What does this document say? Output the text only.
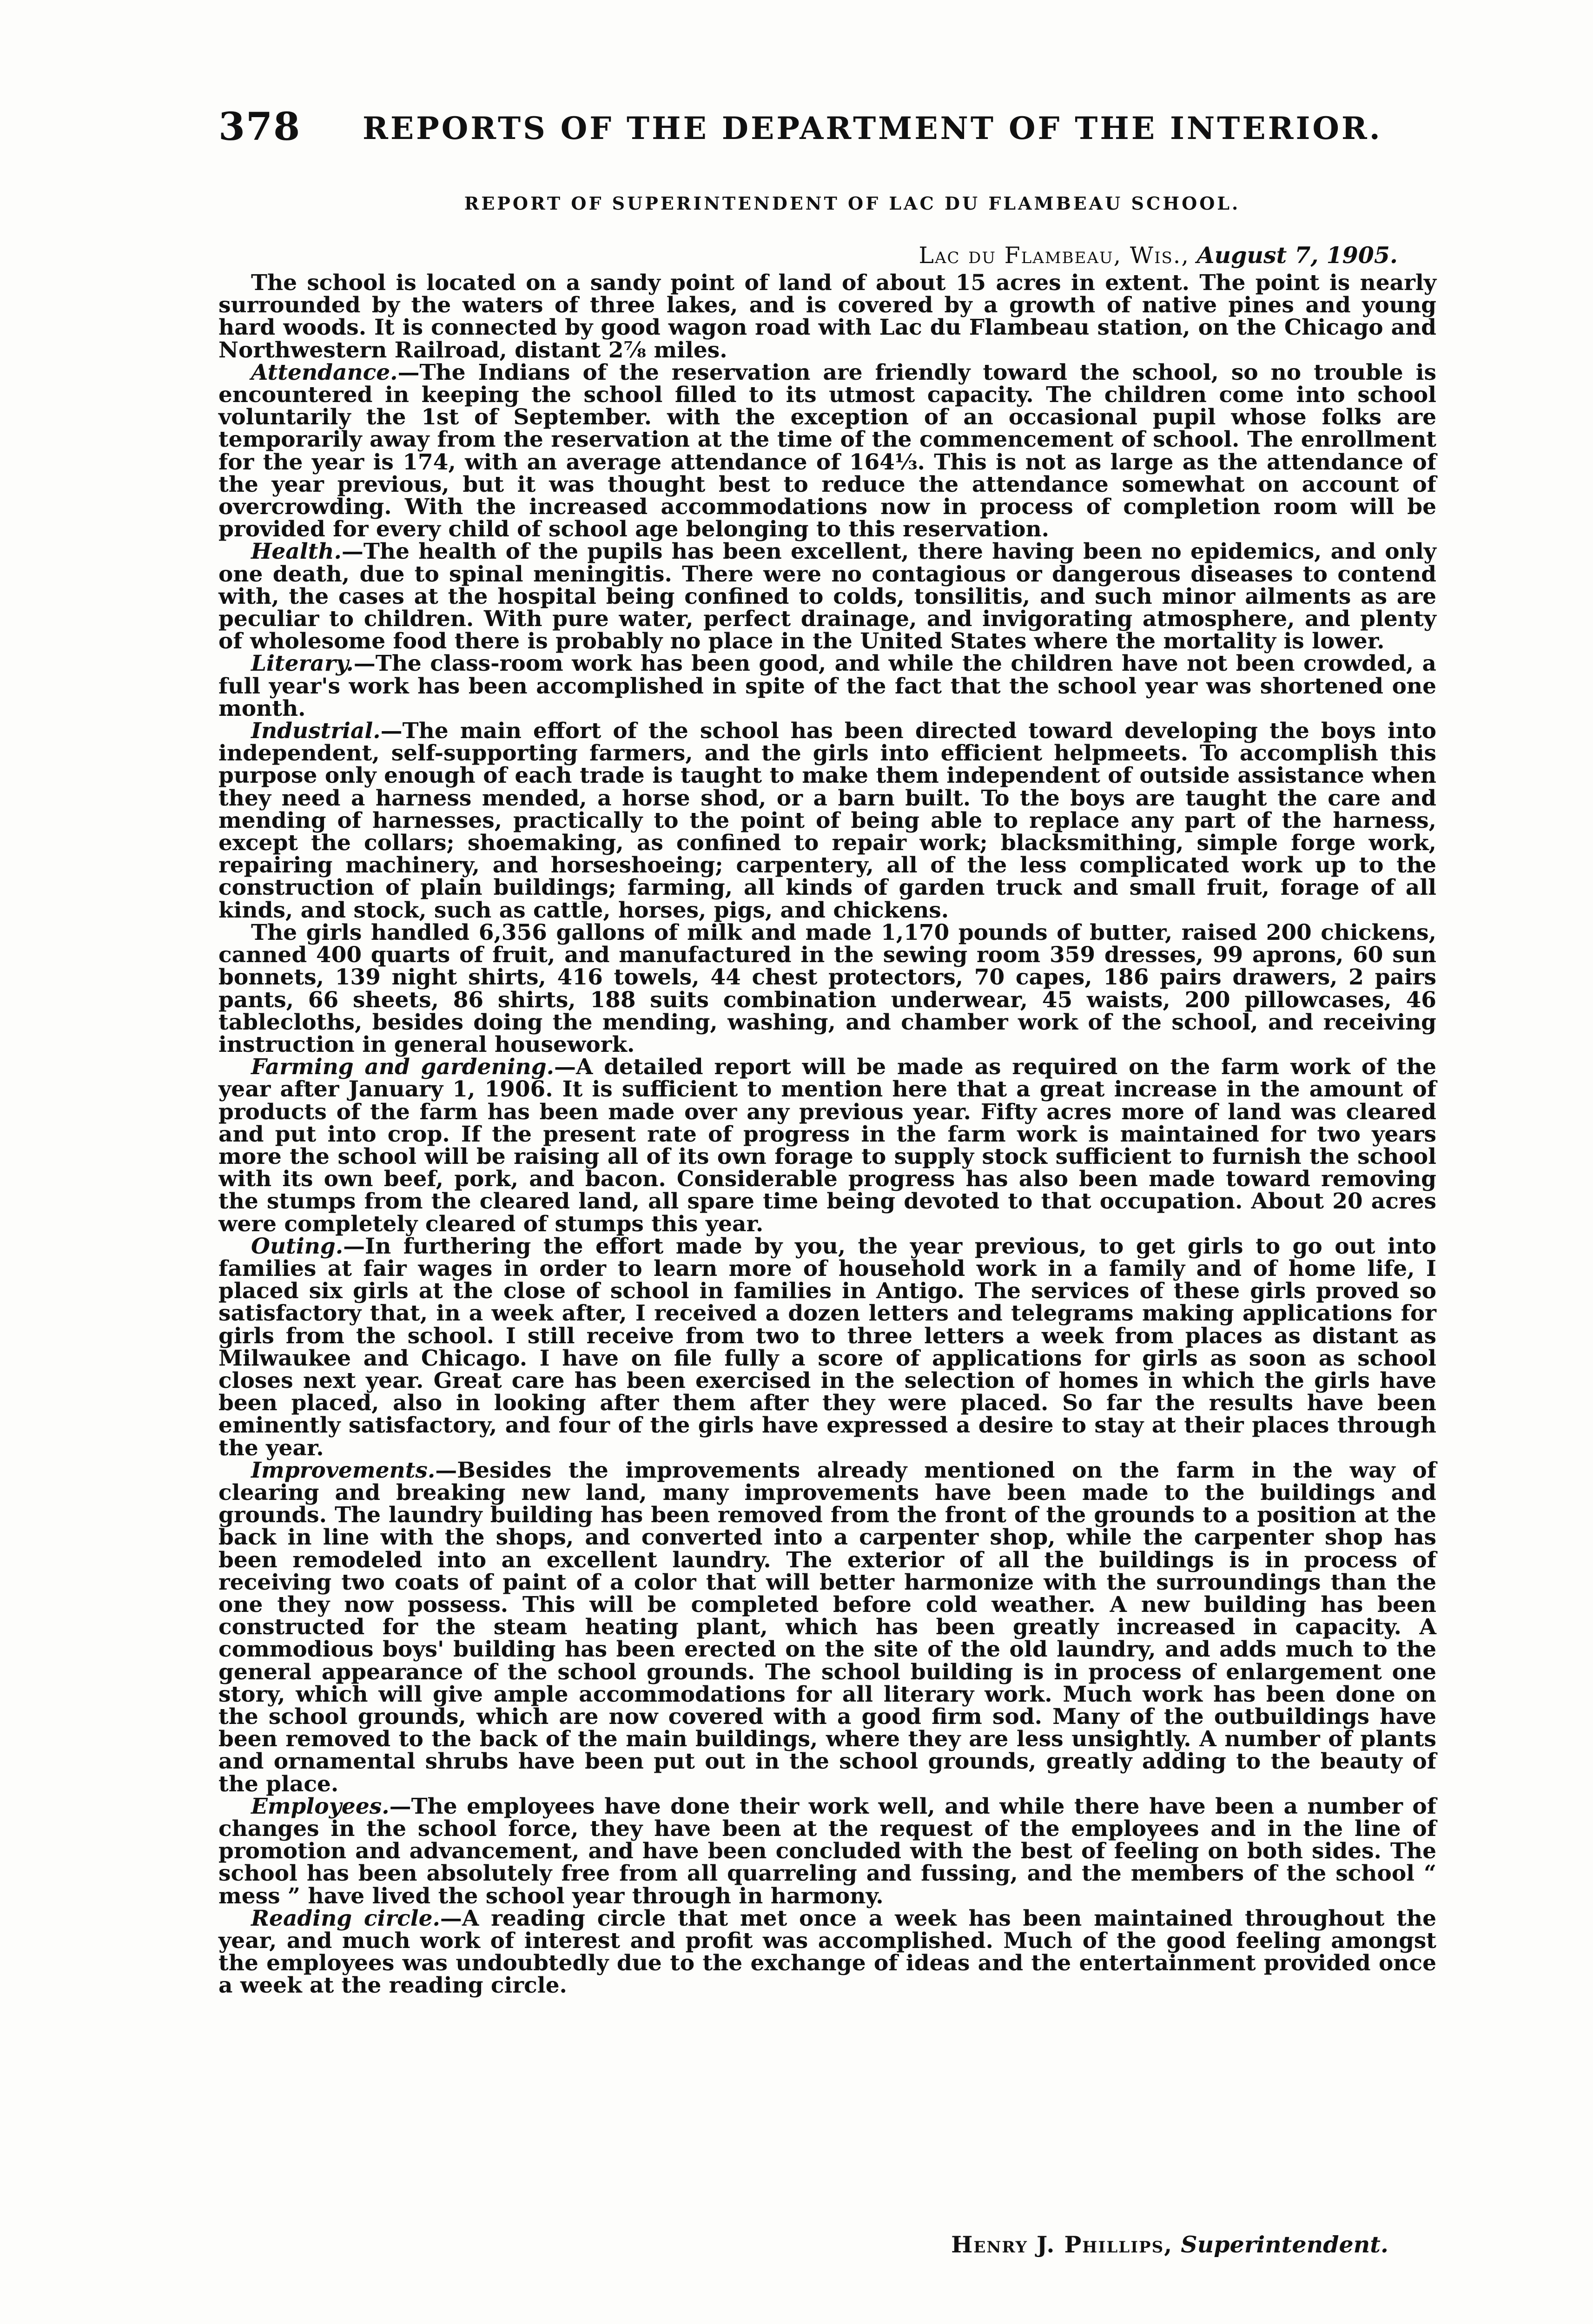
378 REPORTS OF THE DEPARTMENT OF THE INTERIOR.
REPORT OF SUPERINTENDENT OF LAC DU FLAMBEAU SCHOOL.
Lac du Flambeau, Wis., August 7, 1905.

The school is located on a sandy point of land of about 15 acres in extent. The point is nearly surrounded by the waters of three lakes, and is covered by a growth of native pines and young hard woods. It is connected by good wagon road with Lac du Flambeau station, on the Chicago and Northwestern Railroad, distant 2⅞ miles.

Attendance.—The Indians of the reservation are friendly toward the school, so no trouble is encountered in keeping the school filled to its utmost capacity. The children come into school voluntarily the 1st of September. with the exception of an occasional pupil whose folks are temporarily away from the reservation at the time of the commencement of school. The enrollment for the year is 174, with an average attendance of 164⅓. This is not as large as the attendance of the year previous, but it was thought best to reduce the attendance somewhat on account of overcrowding. With the increased accommodations now in process of completion room will be provided for every child of school age belonging to this reservation.

Health.—The health of the pupils has been excellent, there having been no epidemics, and only one death, due to spinal meningitis. There were no contagious or dangerous diseases to contend with, the cases at the hospital being confined to colds, tonsilitis, and such minor ailments as are peculiar to children. With pure water, perfect drainage, and invigorating atmosphere, and plenty of wholesome food there is probably no place in the United States where the mortality is lower.

Literary.—The class-room work has been good, and while the children have not been crowded, a full year's work has been accomplished in spite of the fact that the school year was shortened one month.

Industrial.—The main effort of the school has been directed toward developing the boys into independent, self-supporting farmers, and the girls into efficient helpmeets. To accomplish this purpose only enough of each trade is taught to make them independent of outside assistance when they need a harness mended, a horse shod, or a barn built. To the boys are taught the care and mending of harnesses, practically to the point of being able to replace any part of the harness, except the collars; shoemaking, as confined to repair work; blacksmithing, simple forge work, repairing machinery, and horseshoeing; carpentery, all of the less complicated work up to the construction of plain buildings; farming, all kinds of garden truck and small fruit, forage of all kinds, and stock, such as cattle, horses, pigs, and chickens.

The girls handled 6,356 gallons of milk and made 1,170 pounds of butter, raised 200 chickens, canned 400 quarts of fruit, and manufactured in the sewing room 359 dresses, 99 aprons, 60 sun bonnets, 139 night shirts, 416 towels, 44 chest protectors, 70 capes, 186 pairs drawers, 2 pairs pants, 66 sheets, 86 shirts, 188 suits combination underwear, 45 waists, 200 pillowcases, 46 tablecloths, besides doing the mending, washing, and chamber work of the school, and receiving instruction in general housework.

Farming and gardening.—A detailed report will be made as required on the farm work of the year after January 1, 1906. It is sufficient to mention here that a great increase in the amount of products of the farm has been made over any previous year. Fifty acres more of land was cleared and put into crop. If the present rate of progress in the farm work is maintained for two years more the school will be raising all of its own forage to supply stock sufficient to furnish the school with its own beef, pork, and bacon. Considerable progress has also been made toward removing the stumps from the cleared land, all spare time being devoted to that occupation. About 20 acres were completely cleared of stumps this year.

Outing.—In furthering the effort made by you, the year previous, to get girls to go out into families at fair wages in order to learn more of household work in a family and of home life, I placed six girls at the close of school in families in Antigo. The services of these girls proved so satisfactory that, in a week after, I received a dozen letters and telegrams making applications for girls from the school. I still receive from two to three letters a week from places as distant as Milwaukee and Chicago. I have on file fully a score of applications for girls as soon as school closes next year. Great care has been exercised in the selection of homes in which the girls have been placed, also in looking after them after they were placed. So far the results have been eminently satisfactory, and four of the girls have expressed a desire to stay at their places through the year.

Improvements.—Besides the improvements already mentioned on the farm in the way of clearing and breaking new land, many improvements have been made to the buildings and grounds. The laundry building has been removed from the front of the grounds to a position at the back in line with the shops, and converted into a carpenter shop, while the carpenter shop has been remodeled into an excellent laundry. The exterior of all the buildings is in process of receiving two coats of paint of a color that will better harmonize with the surroundings than the one they now possess. This will be completed before cold weather. A new building has been constructed for the steam heating plant, which has been greatly increased in capacity. A commodious boys' building has been erected on the site of the old laundry, and adds much to the general appearance of the school grounds. The school building is in process of enlargement one story, which will give ample accommodations for all literary work. Much work has been done on the school grounds, which are now covered with a good firm sod. Many of the outbuildings have been removed to the back of the main buildings, where they are less unsightly. A number of plants and ornamental shrubs have been put out in the school grounds, greatly adding to the beauty of the place.

Employees.—The employees have done their work well, and while there have been a number of changes in the school force, they have been at the request of the employees and in the line of promotion and advancement, and have been concluded with the best of feeling on both sides. The school has been absolutely free from all quarreling and fussing, and the members of the school “ mess ” have lived the school year through in harmony.

Reading circle.—A reading circle that met once a week has been maintained throughout the year, and much work of interest and profit was accomplished. Much of the good feeling amongst the employees was undoubtedly due to the exchange of ideas and the entertainment provided once a week at the reading circle.

Henry J. Phillips, Superintendent.
